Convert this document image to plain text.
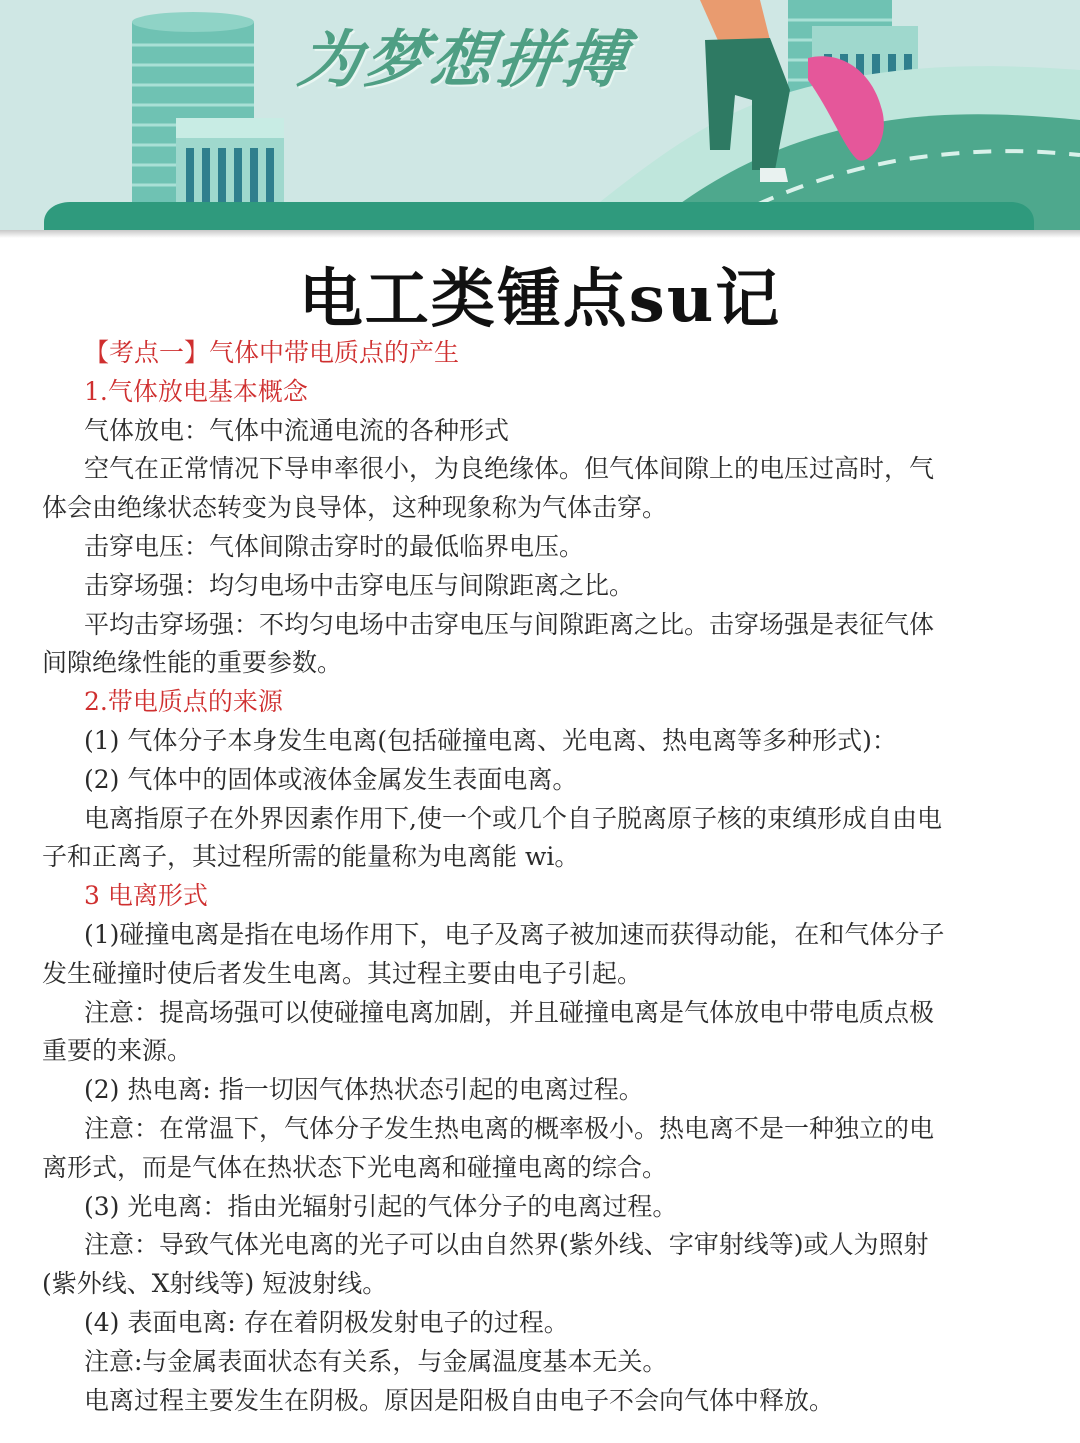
为梦想拼搏
电工类锺点su记
【考点一】气体中带电质点的产生
1.气体放电基本概念
气体放电：气体中流通电流的各种形式
空气在正常情况下导申率很小，为良绝缘体。但气体间隙上的电压过高时，气
体会由绝缘状态转变为良导体，这种现象称为气体击穿。
击穿电压：气体间隙击穿时的最低临界电压。
击穿场强：均匀电场中击穿电压与间隙距离之比。
平均击穿场强：不均匀电场中击穿电压与间隙距离之比。击穿场强是表征气体
间隙绝缘性能的重要参数。
2.带电质点的来源
(1) 气体分子本身发生电离(包括碰撞电离、光电离、热电离等多种形式)：
(2) 气体中的固体或液体金属发生表面电离。
电离指原子在外界因素作用下,使一个或几个自子脱离原子核的束缜形成自由电
子和正离子，其过程所需的能量称为电离能 wi。
3 电离形式
(1)碰撞电离是指在电场作用下，电子及离子被加速而获得动能，在和气体分子
发生碰撞时使后者发生电离。其过程主要由电子引起。
注意：提高场强可以使碰撞电离加剧，并且碰撞电离是气体放电中带电质点极
重要的来源。
(2) 热电离: 指一切因气体热状态引起的电离过程。
注意：在常温下，气体分子发生热电离的概率极小。热电离不是一种独立的电
离形式，而是气体在热状态下光电离和碰撞电离的综合。
(3) 光电离：指由光辐射引起的气体分子的电离过程。
注意：导致气体光电离的光子可以由自然界(紫外线、字审射线等)或人为照射
(紫外线、X射线等) 短波射线。
(4) 表面电离: 存在着阴极发射电子的过程。
注意:与金属表面状态有关系，与金属温度基本无关。
电离过程主要发生在阴极。原因是阳极自由电子不会向气体中释放。
